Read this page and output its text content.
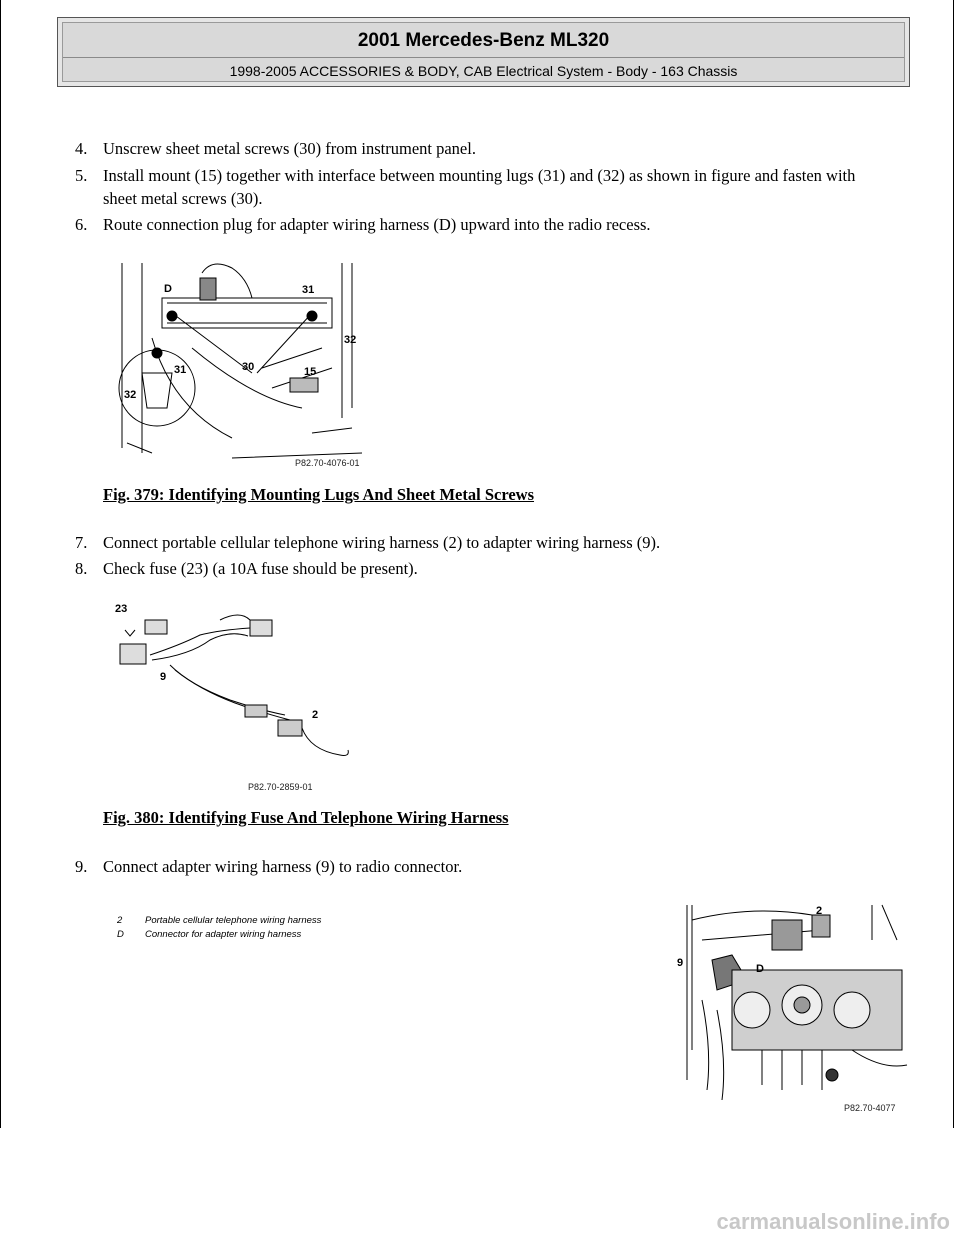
2001 Mercedes-Benz ML320
1998-2005 ACCESSORIES & BODY, CAB Electrical System - Body - 163 Chassis
4. Unscrew sheet metal screws (30) from instrument panel.
5. Install mount (15) together with interface between mounting lugs (31) and (32) as shown in figure and fasten with sheet metal screws (30).
6. Route connection plug for adapter wiring harness (D) upward into the radio recess.
D	31
30
32
31	15
32
P82.70-4076-01
Fig. 379: Identifying Mounting Lugs And Sheet Metal Screws
7. Connect portable cellular telephone wiring harness (2) to adapter wiring harness (9).
8. Check fuse (23) (a 10A fuse should be present).
23
9
2
P82.70-2859-01
Fig. 380: Identifying Fuse And Telephone Wiring Harness
9. Connect adapter wiring harness (9) to radio connector.
2 Portable cellular telephone wiring harness
D Connector for adapter wiring harness
2
9	D
P82.70-4077
carmanualsonline.info
